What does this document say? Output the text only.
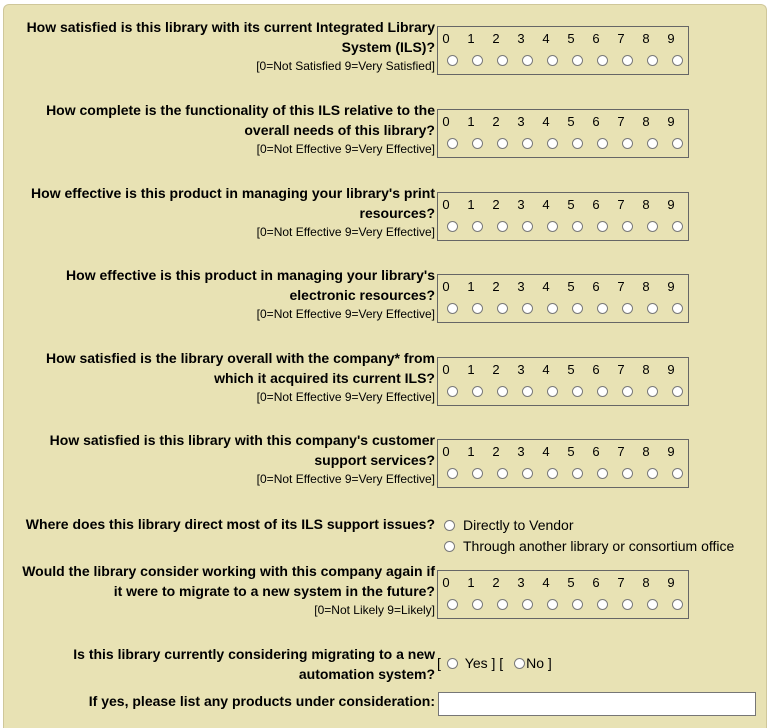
How satisfied is this library with its current Integrated Library
System (ILS)?
[0=Not Satisfied 9=Very Satisfied]
0 1 2 3 4 5 6 7 8 9
How complete is the functionality of this ILS relative to the
overall needs of this library?
[0=Not Effective 9=Very Effective]
0 1 2 3 4 5 6 7 8 9
How effective is this product in managing your library's print
resources?
[0=Not Effective 9=Very Effective]
0 1 2 3 4 5 6 7 8 9
How effective is this product in managing your library's
electronic resources?
[0=Not Effective 9=Very Effective]
0 1 2 3 4 5 6 7 8 9
How satisfied is the library overall with the company* from
which it acquired its current ILS?
[0=Not Effective 9=Very Effective]
0 1 2 3 4 5 6 7 8 9
How satisfied is this library with this company's customer
support services?
[0=Not Effective 9=Very Effective]
0 1 2 3 4 5 6 7 8 9
Would the library consider working with this company again if
it were to migrate to a new system in the future?
[0=Not Likely 9=Likely]
0 1 2 3 4 5 6 7 8 9
Where does this library direct most of its ILS support issues?	Directly to Vendor
Through another library or consortium office
Is this library currently considering migrating to a new
automation system?
[ Yes ] [ No ]
If yes, please list any products under consideration:
